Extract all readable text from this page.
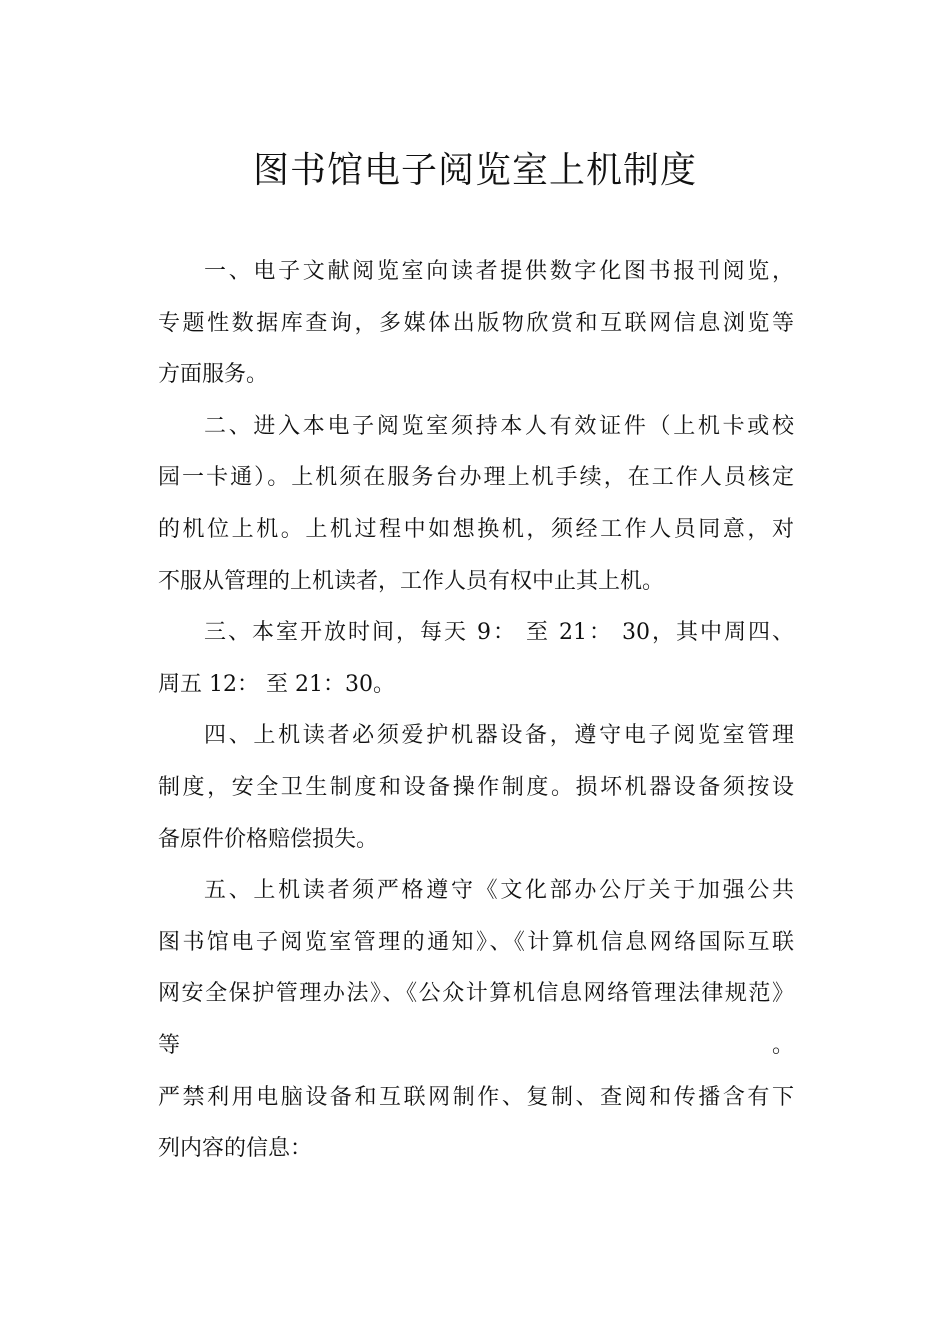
图书馆电子阅览室上机制度
一、电子文献阅览室向读者提供数字化图书报刊阅览，
专题性数据库查询，多媒体出版物欣赏和互联网信息浏览等
方面服务。
二、进入本电子阅览室须持本人有效证件（上机卡或校
园一卡通）。上机须在服务台办理上机手续，在工作人员核定
的机位上机。上机过程中如想换机，须经工作人员同意，对
不服从管理的上机读者，工作人员有权中止其上机。
三、本室开放时间，每天 9： 至 21： 30，其中周四、
周五 12： 至 21：30。
四、上机读者必须爱护机器设备，遵守电子阅览室管理
制度，安全卫生制度和设备操作制度。损坏机器设备须按设
备原件价格赔偿损失。
五、上机读者须严格遵守《文化部办公厅关于加强公共
图书馆电子阅览室管理的通知》、《计算机信息网络国际互联
网安全保护管理办法》、《公众计算机信息网络管理法律规范》
等	。
严禁利用电脑设备和互联网制作、复制、查阅和传播含有下
列内容的信息：
